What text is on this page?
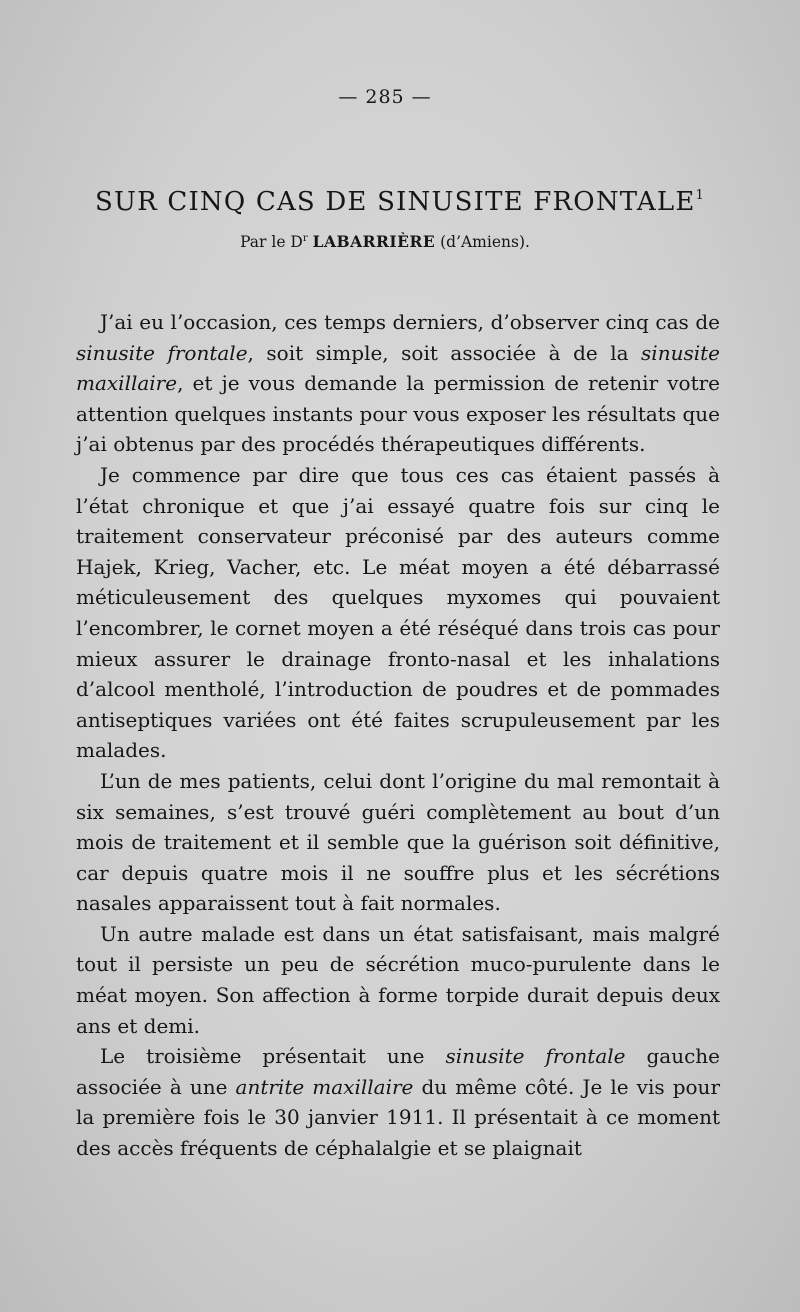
— 285 —
SUR CINQ CAS DE SINUSITE FRONTALE$^1$
Par le $D^r$ LABARRIÈRE (d’Amiens).

J’ai eu l’occasion, ces temps derniers, d’observer cinq cas de sinusite frontale, soit simple, soit associée à de la sinusite maxillaire, et je vous demande la permission de retenir votre attention quelques instants pour vous exposer les résultats que j’ai obtenus par des procédés thérapeutiques différents.

Je commence par dire que tous ces cas étaient passés à l’état chronique et que j’ai essayé quatre fois sur cinq le traitement conservateur préconisé par des auteurs comme Hajek, Krieg, Vacher, etc. Le méat moyen a été débarrassé méticuleusement des quelques myxomes qui pouvaient l’encombrer, le cornet moyen a été réséqué dans trois cas pour mieux assurer le drainage fronto-nasal et les inhalations d’alcool mentholé, l’introduction de poudres et de pommades antiseptiques variées ont été faites scrupuleusement par les malades.

L’un de mes patients, celui dont l’origine du mal remontait à six semaines, s’est trouvé guéri complètement au bout d’un mois de traitement et il semble que la guérison soit définitive, car depuis quatre mois il ne souffre plus et les sécrétions nasales apparaissent tout à fait normales.

Un autre malade est dans un état satisfaisant, mais malgré tout il persiste un peu de sécrétion muco-purulente dans le méat moyen. Son affection à forme torpide durait depuis deux ans et demi.

Le troisième présentait une sinusite frontale gauche associée à une antrite maxillaire du même côté. Je le vis pour la première fois le 30 janvier 1911. Il présentait à ce moment des accès fréquents de céphalalgie et se plaignait
